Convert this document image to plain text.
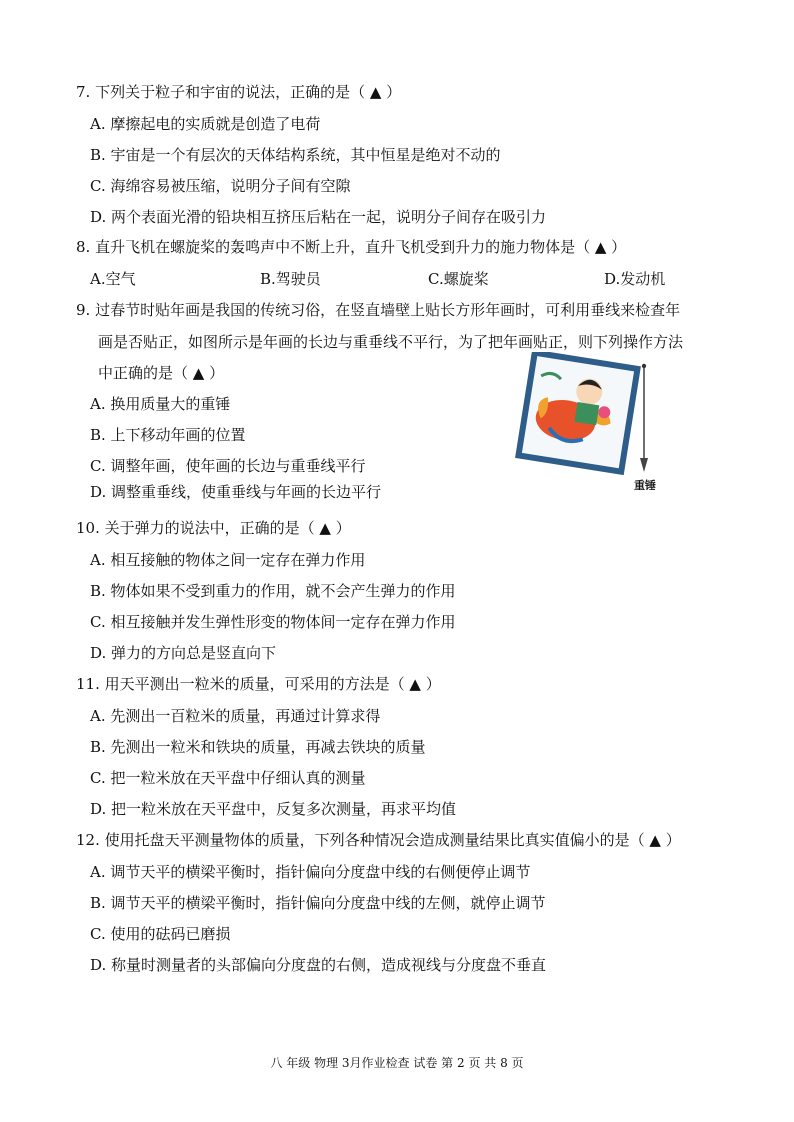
7. 下列关于粒子和宇宙的说法，正确的是（ ▲ ）
A. 摩擦起电的实质就是创造了电荷
B. 宇宙是一个有层次的天体结构系统，其中恒星是绝对不动的
C. 海绵容易被压缩，说明分子间有空隙
D. 两个表面光滑的铅块相互挤压后粘在一起，说明分子间存在吸引力
8. 直升飞机在螺旋桨的轰鸣声中不断上升，直升飞机受到升力的施力物体是（ ▲ ）
A.空气	B.驾驶员	C.螺旋桨	D.发动机
9. 过春节时贴年画是我国的传统习俗，在竖直墙壁上贴长方形年画时，可利用垂线来检查年
画是否贴正，如图所示是年画的长边与重垂线不平行，为了把年画贴正，则下列操作方法
中正确的是（ ▲ ）
A. 换用质量大的重锤
B. 上下移动年画的位置
C. 调整年画，使年画的长边与重垂线平行
D. 调整重垂线，使重垂线与年画的长边平行	重锤
10. 关于弹力的说法中，正确的是（ ▲ ）
A. 相互接触的物体之间一定存在弹力作用
B. 物体如果不受到重力的作用，就不会产生弹力的作用
C. 相互接触并发生弹性形变的物体间一定存在弹力作用
D. 弹力的方向总是竖直向下
11. 用天平测出一粒米的质量，可采用的方法是（ ▲ ）
A. 先测出一百粒米的质量，再通过计算求得
B. 先测出一粒米和铁块的质量，再减去铁块的质量
C. 把一粒米放在天平盘中仔细认真的测量
D. 把一粒米放在天平盘中，反复多次测量，再求平均值
12. 使用托盘天平测量物体的质量，下列各种情况会造成测量结果比真实值偏小的是（ ▲ ）
A. 调节天平的横梁平衡时，指针偏向分度盘中线的右侧便停止调节
B. 调节天平的横梁平衡时，指针偏向分度盘中线的左侧，就停止调节
C. 使用的砝码已磨损
D. 称量时测量者的头部偏向分度盘的右侧，造成视线与分度盘不垂直
八 年级 物理 3月作业检查 试卷 第 2 页 共 8 页
